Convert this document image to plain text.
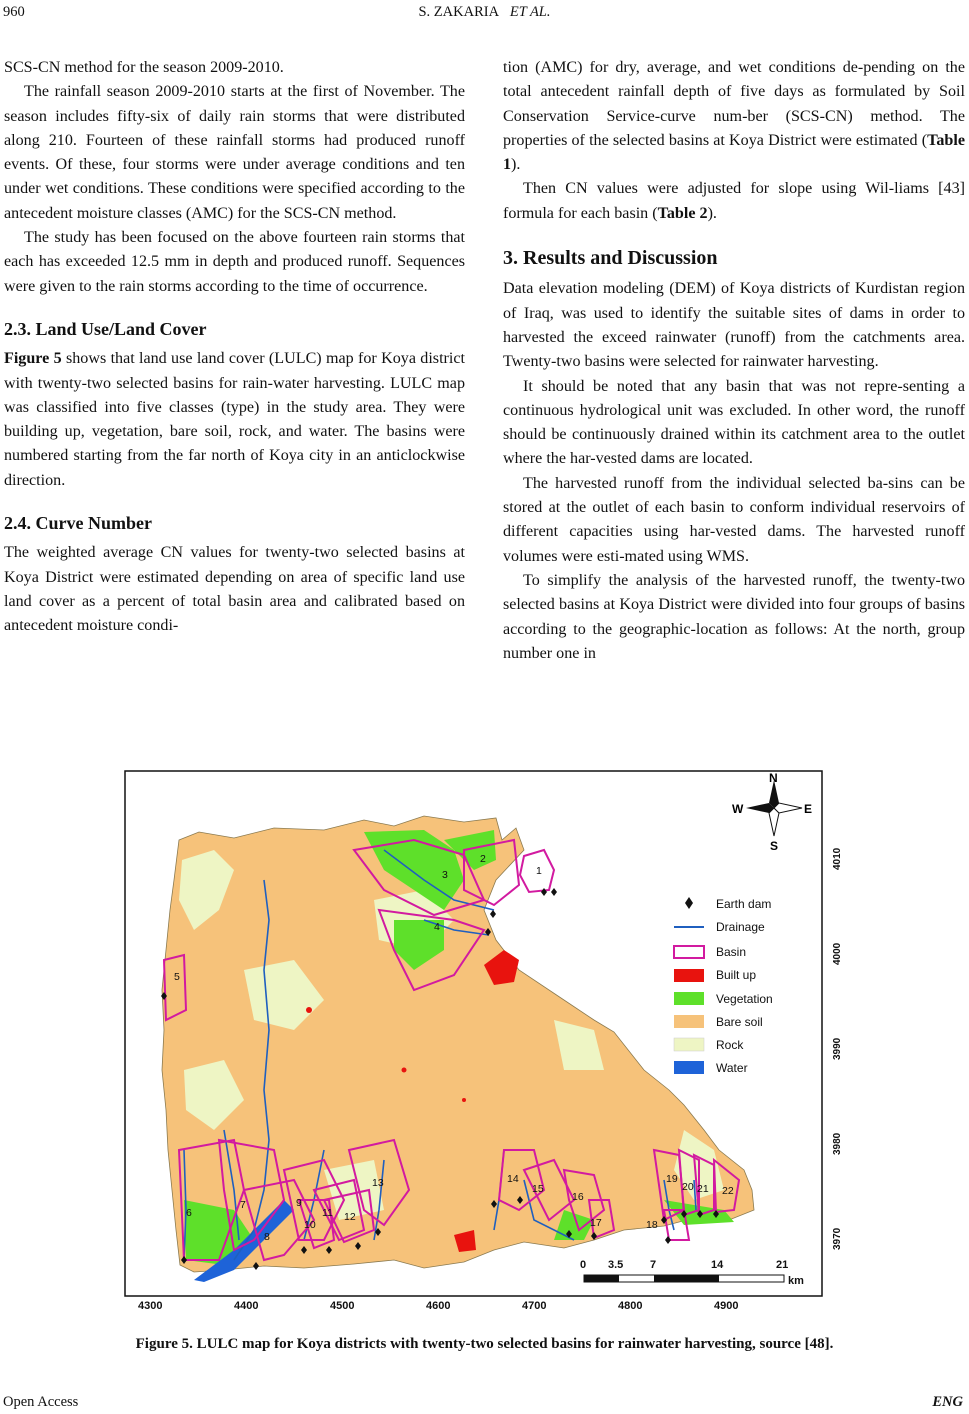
960	S. ZAKARIA ET AL.

SCS-CN method for the season 2009-2010.

The rainfall season 2009-2010 starts at the first of November. The season includes fifty-six of daily rain storms that were distributed along 210. Fourteen of these rainfall storms had produced runoff events. Of these, four storms were under average conditions and ten under wet conditions. These conditions were specified according to the antecedent moisture classes (AMC) for the SCS-CN method.

The study has been focused on the above fourteen rain storms that each has exceeded 12.5 mm in depth and produced runoff. Sequences were given to the rain storms according to the time of occurrence.

2.3. Land Use/Land Cover

Figure 5 shows that land use land cover (LULC) map for Koya district with twenty-two selected basins for rain-water harvesting. LULC map was classified into five classes (type) in the study area. They were building up, vegetation, bare soil, rock, and water. The basins were numbered starting from the far north of Koya city in an anticlockwise direction.

2.4. Curve Number

The weighted average CN values for twenty-two selected basins at Koya District were estimated depending on area of specific land use land cover as a percent of total basin area and calibrated based on antecedent moisture condi-

tion (AMC) for dry, average, and wet conditions de-pending on the total antecedent rainfall depth of five days as formulated by Soil Conservation Service-curve num-ber (SCS-CN) method. The properties of the selected basins at Koya District were estimated (Table 1).

Then CN values were adjusted for slope using Wil-liams [43] formula for each basin (Table 2).

3. Results and Discussion

Data elevation modeling (DEM) of Koya districts of Kurdistan region of Iraq, was used to identify the suitable sites of dams in order to harvested the exceed rainwater (runoff) from the catchments area. Twenty-two basins were selected for rainwater harvesting.

It should be noted that any basin that was not repre-senting a continuous hydrological unit was excluded. In other word, the runoff should be continuously drained within its catchment area to the outlet where the har-vested dams are located.

The harvested runoff from the individual selected ba-sins can be stored at the outlet of each basin to conform individual reservoirs of different capacities using har-vested dams. The harvested runoff volumes were esti-mated using WMS.

To simplify the analysis of the harvested runoff, the twenty-two selected basins at Koya District were divided into four groups of basins according to the geographic-location as follows: At the north, group number one in

1
2
3
4
5
6
7
8
9
10
11 12
13	14
15
16
17	18
19
20 21 22
N
W	E
S
Earth dam
Drainage
Basin
Built up
Vegetation
Bare soil
Rock
Water
0 3.5 7	14	21
km
4010
4000
3990
3980
3970
4300	4400	4500	4600	4700	4800	4900
Figure 5. LULC map for Koya districts with twenty-two selected basins for rainwater harvesting, source [48].
Open Access	ENG
